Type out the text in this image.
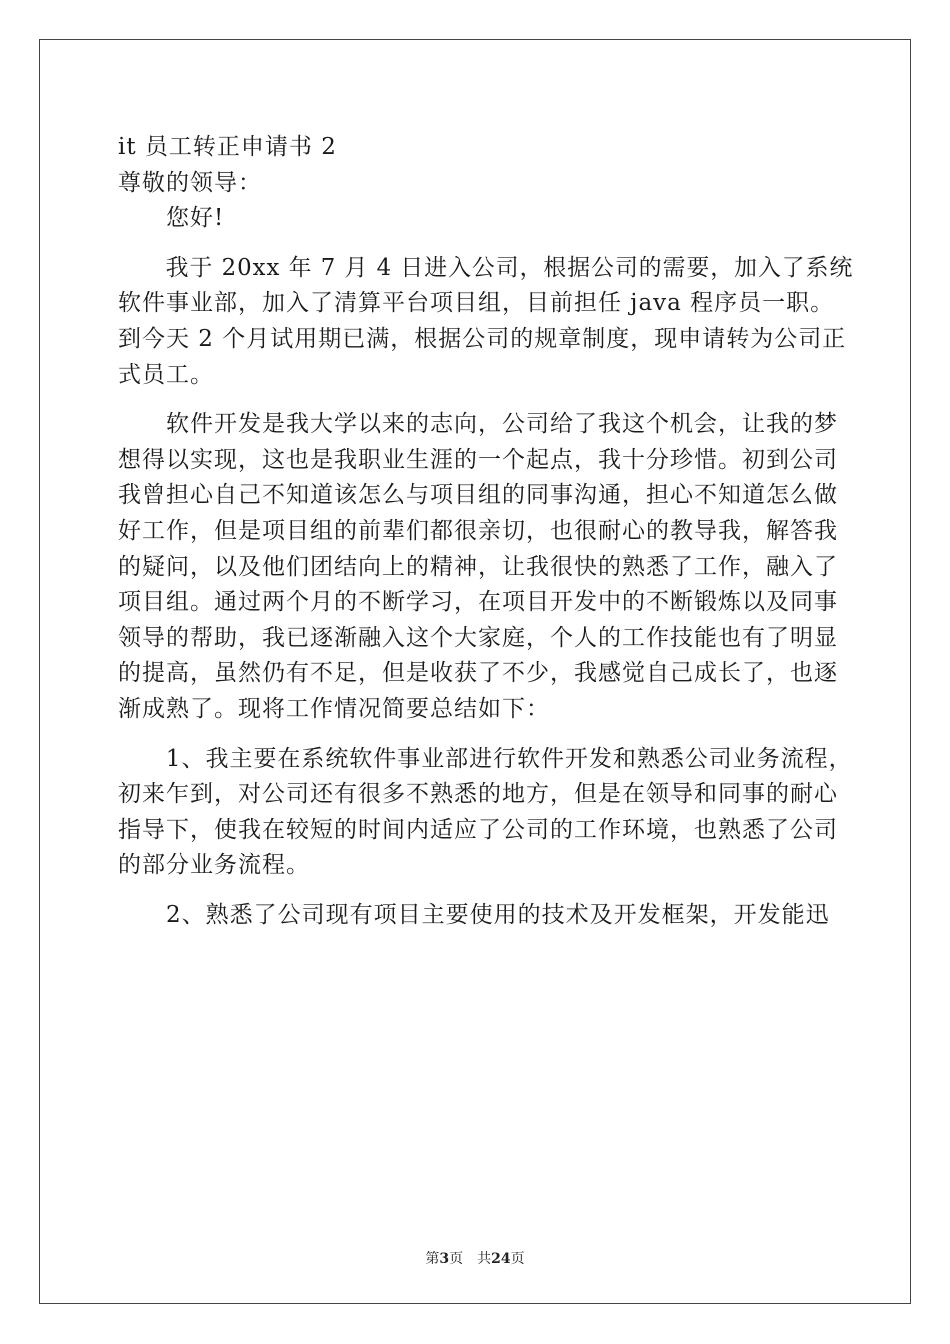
it 员工转正申请书 2
尊敬的领导：
您好!
我于 20xx 年 7 月 4 日进入公司，根据公司的需要，加入了系统
软件事业部，加入了清算平台项目组，目前担任 java 程序员一职。
到今天 2 个月试用期已满，根据公司的规章制度，现申请转为公司正
式员工。
软件开发是我大学以来的志向，公司给了我这个机会，让我的梦
想得以实现，这也是我职业生涯的一个起点，我十分珍惜。初到公司
我曾担心自己不知道该怎么与项目组的同事沟通，担心不知道怎么做
好工作，但是项目组的前辈们都很亲切，也很耐心的教导我，解答我
的疑问，以及他们团结向上的精神，让我很快的熟悉了工作，融入了
项目组。通过两个月的不断学习，在项目开发中的不断锻炼以及同事
领导的帮助，我已逐渐融入这个大家庭，个人的工作技能也有了明显
的提高，虽然仍有不足，但是收获了不少，我感觉自己成长了，也逐
渐成熟了。现将工作情况简要总结如下：
1、我主要在系统软件事业部进行软件开发和熟悉公司业务流程，
初来乍到，对公司还有很多不熟悉的地方，但是在领导和同事的耐心
指导下，使我在较短的时间内适应了公司的工作环境，也熟悉了公司
的部分业务流程。
2、熟悉了公司现有项目主要使用的技术及开发框架，开发能迅
第3页 共24页
